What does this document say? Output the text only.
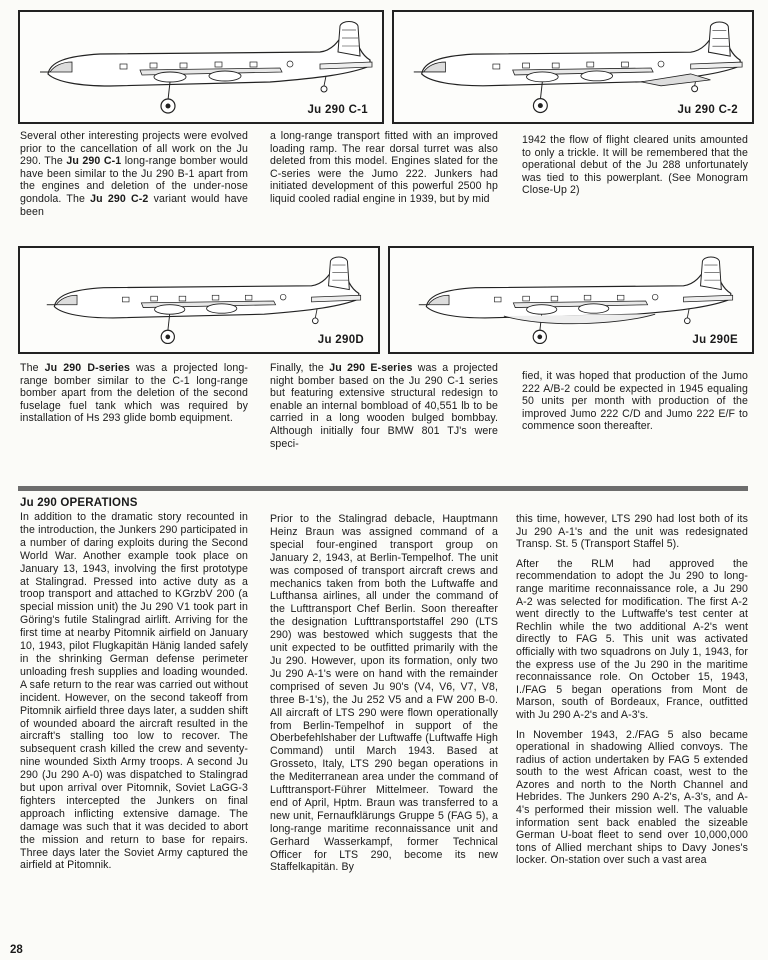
Ju 290 C-1	Ju 290 C-2
Several other interesting projects were evolved prior to the cancellation of all work on the Ju 290. The Ju 290 C-1 long-range bomber would have been similar to the Ju 290 B-1 apart from the engines and deletion of the under-nose gondola. The Ju 290 C-2 variant would have been
a long-range transport fitted with an improved loading ramp. The rear dorsal turret was also deleted from this model. Engines slated for the C-series were the Jumo 222. Junkers had initiated development of this powerful 2500 hp liquid cooled radial engine in 1939, but by mid
1942 the flow of flight cleared units amounted to only a trickle. It will be remembered that the operational debut of the Ju 288 unfortunately was tied to this powerplant. (See Monogram Close-Up 2)
Ju 290D	Ju 290E
The Ju 290 D-series was a projected long-range bomber similar to the C-1 long-range bomber apart from the deletion of the second fuselage fuel tank which was required by installation of Hs 293 glide bomb equipment.
Finally, the Ju 290 E-series was a projected night bomber based on the Ju 290 C-1 series but featuring extensive structural redesign to enable an internal bombload of 40,551 lb to be carried in a long wooden bulged bombbay. Although initially four BMW 801 TJ's were speci-
fied, it was hoped that production of the Jumo 222 A/B-2 could be expected in 1945 equaling 50 units per month with production of the improved Jumo 222 C/D and Jumo 222 E/F to commence soon thereafter.
Ju 290 OPERATIONS
In addition to the dramatic story recounted in the introduction, the Junkers 290 participated in a number of daring exploits during the Second World War. Another example took place on January 13, 1943, involving the first prototype at Stalingrad. Pressed into active duty as a troop transport and attached to KGrzbV 200 (a special mission unit) the Ju 290 V1 took part in Göring's futile Stalingrad airlift. Arriving for the first time at nearby Pitomnik airfield on January 10, 1943, pilot Flugkapitän Hänig landed safely in the shrinking German defense perimeter unloading fresh supplies and loading wounded. A safe return to the rear was carried out without incident. However, on the second takeoff from Pitomnik airfield three days later, a sudden shift of wounded aboard the aircraft resulted in the aircraft's stalling too low to recover. The subsequent crash killed the crew and seventy-nine wounded Sixth Army troops. A second Ju 290 (Ju 290 A-0) was dispatched to Stalingrad but upon arrival over Pitomnik, Soviet LaGG-3 fighters intercepted the Junkers on final approach inflicting extensive damage. The damage was such that it was decided to abort the mission and return to base for repairs. Three days later the Soviet Army captured the airfield at Pitomnik.
Prior to the Stalingrad debacle, Hauptmann Heinz Braun was assigned command of a special four-engined transport group on January 2, 1943, at Berlin-Tempelhof. The unit was composed of transport aircraft crews and mechanics taken from both the Luftwaffe and Lufthansa airlines, all under the command of the Lufttransport Chef Berlin. Soon thereafter the designation Lufttransportstaffel 290 (LTS 290) was bestowed which suggests that the unit expected to be outfitted primarily with the Ju 290. However, upon its formation, only two Ju 290 A-1's were on hand with the remainder comprised of seven Ju 90's (V4, V6, V7, V8, three B-1's), the Ju 252 V5 and a FW 200 B-0. All aircraft of LTS 290 were flown operationally from Berlin-Tempelhof in support of the Oberbefehlshaber der Luftwaffe (Luftwaffe High Command) until March 1943. Based at Grosseto, Italy, LTS 290 began operations in the Mediterranean area under the command of Lufttransport-Führer Mittelmeer. Toward the end of April, Hptm. Braun was transferred to a new unit, Fernaufklärungs Gruppe 5 (FAG 5), a long-range maritime reconnaissance unit and Gerhard Wasserkampf, former Technical Officer for LTS 290, become its new Staffelkapitän. By

this time, however, LTS 290 had lost both of its Ju 290 A-1's and the unit was redesignated Transp. St. 5 (Transport Staffel 5).

After the RLM had approved the recommendation to adopt the Ju 290 to long-range maritime reconnaissance role, a Ju 290 A-2 was selected for modification. The first A-2 went directly to the Luftwaffe's test center at Rechlin while the two additional A-2's went directly to FAG 5. This unit was activated officially with two squadrons on July 1, 1943, for the express use of the Ju 290 in the maritime reconnaissance role. On October 15, 1943, I./FAG 5 began operations from Mont de Marson, south of Bordeaux, France, outfitted with Ju 290 A-2's and A-3's.

In November 1943, 2./FAG 5 also became operational in shadowing Allied convoys. The radius of action undertaken by FAG 5 extended south to the west African coast, west to the Azores and north to the North Channel and Hebrides. The Junkers 290 A-2's, A-3's, and A-4's performed their mission well. The valuable information sent back enabled the sizeable German U-boat fleet to send over 10,000,000 tons of Allied merchant ships to Davy Jones's locker. On-station over such a vast area

28
